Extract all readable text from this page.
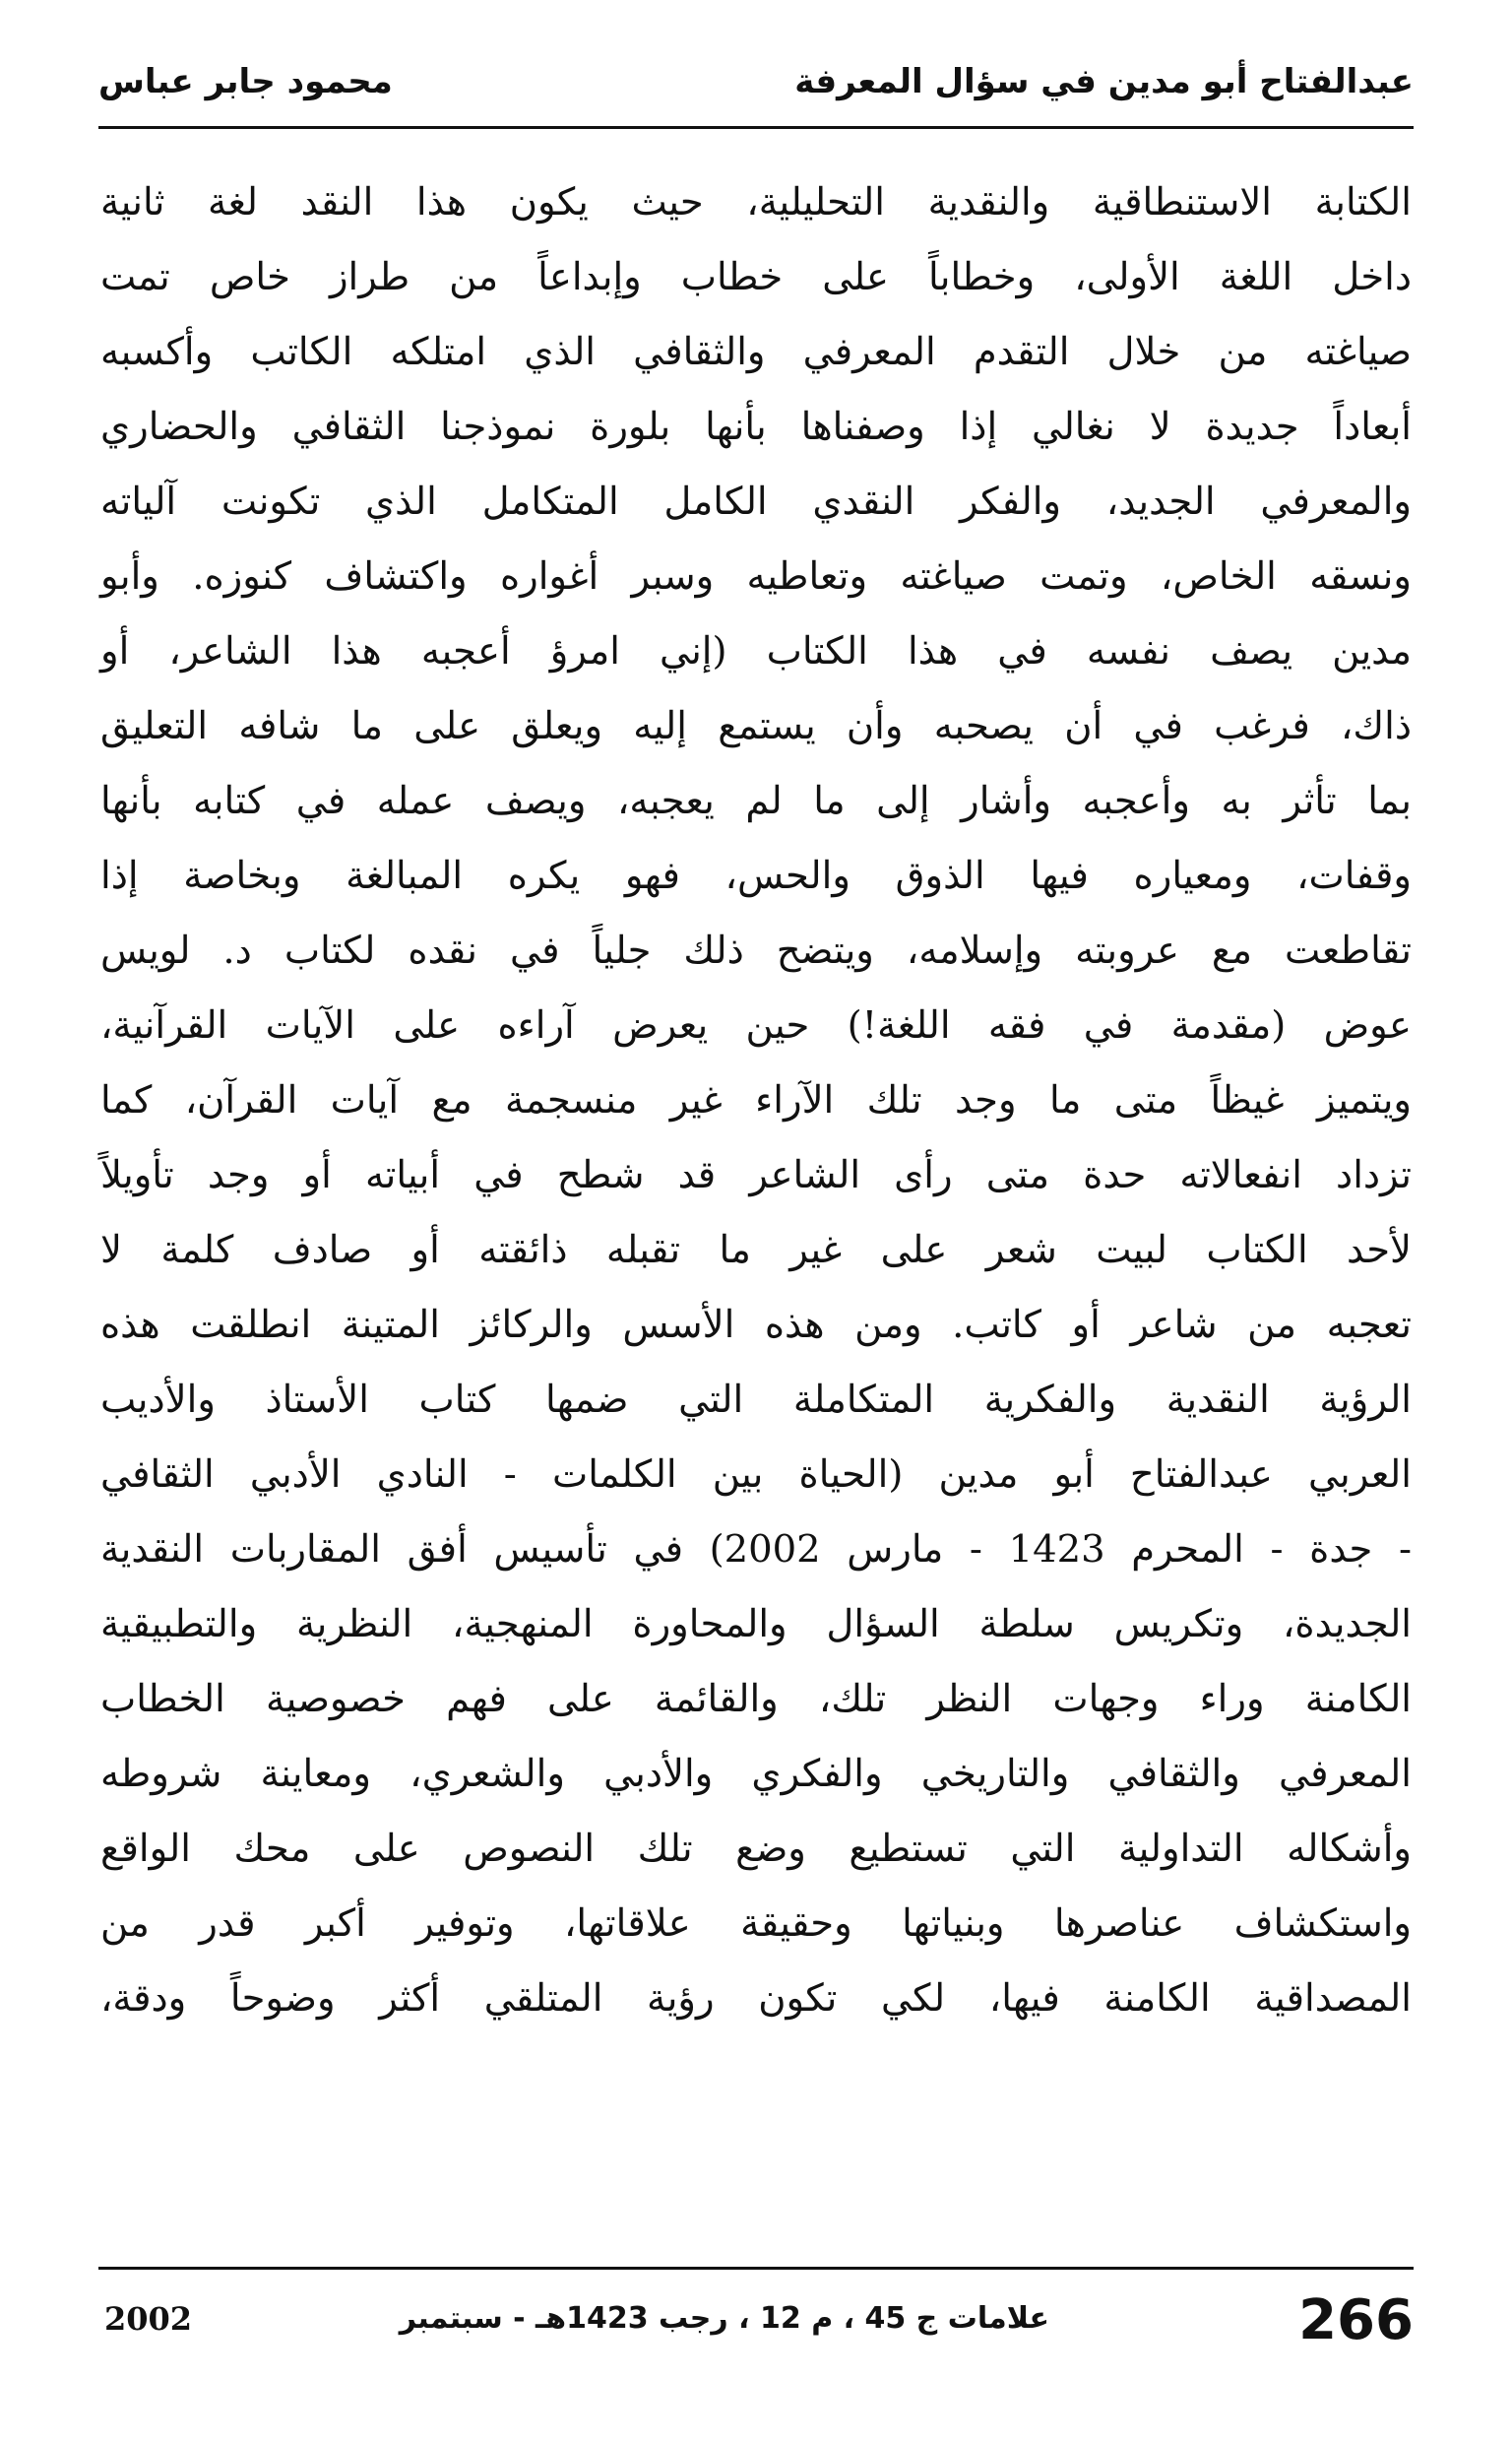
عبدالفتاح أبو مدين في سؤال المعرفة
محمود جابر عباس

الكتابة الاستنطاقية والنقدية التحليلية، حيث يكون هذا النقد لغة ثانية

داخل اللغة الأولى، وخطاباً على خطاب وإبداعاً من طراز خاص تمت

صياغته من خلال التقدم المعرفي والثقافي الذي امتلكه الكاتب وأكسبه

أبعاداً جديدة لا نغالي إذا وصفناها بأنها بلورة نموذجنا الثقافي والحضاري

والمعرفي الجديد، والفكر النقدي الكامل المتكامل الذي تكونت آلياته

ونسقه الخاص، وتمت صياغته وتعاطيه وسبر أغواره واكتشاف كنوزه. وأبو

مدين يصف نفسه في هذا الكتاب (إني امرؤ أعجبه هذا الشاعر، أو

ذاك، فرغب في أن يصحبه وأن يستمع إليه ويعلق على ما شافه التعليق

بما تأثر به وأعجبه وأشار إلى ما لم يعجبه، ويصف عمله في كتابه بأنها

وقفات، ومعياره فيها الذوق والحس، فهو يكره المبالغة وبخاصة إذا

تقاطعت مع عروبته وإسلامه، ويتضح ذلك جلياً في نقده لكتاب د. لويس

عوض (مقدمة في فقه اللغة!) حين يعرض آراءه على الآيات القرآنية،

ويتميز غيظاً متى ما وجد تلك الآراء غير منسجمة مع آيات القرآن، كما

تزداد انفعالاته حدة متى رأى الشاعر قد شطح في أبياته أو وجد تأويلاً

لأحد الكتاب لبيت شعر على غير ما تقبله ذائقته أو صادف كلمة لا

تعجبه من شاعر أو كاتب. ومن هذه الأسس والركائز المتينة انطلقت هذه

الرؤية النقدية والفكرية المتكاملة التي ضمها كتاب الأستاذ والأديب

العربي عبدالفتاح أبو مدين (الحياة بين الكلمات - النادي الأدبي الثقافي

- جدة - المحرم 1423 - مارس 2002) في تأسيس أفق المقاربات النقدية

الجديدة، وتكريس سلطة السؤال والمحاورة المنهجية، النظرية والتطبيقية

الكامنة وراء وجهات النظر تلك، والقائمة على فهم خصوصية الخطاب

المعرفي والثقافي والتاريخي والفكري والأدبي والشعري، ومعاينة شروطه

وأشكاله التداولية التي تستطيع وضع تلك النصوص على محك الواقع

واستكشاف عناصرها وبنياتها وحقيقة علاقاتها، وتوفير أكبر قدر من

المصداقية الكامنة فيها، لكي تكون رؤية المتلقي أكثر وضوحاً ودقة،

266
علامات ج 45 ، م 12 ، رجب 1423هـ - سبتمبر
2002
